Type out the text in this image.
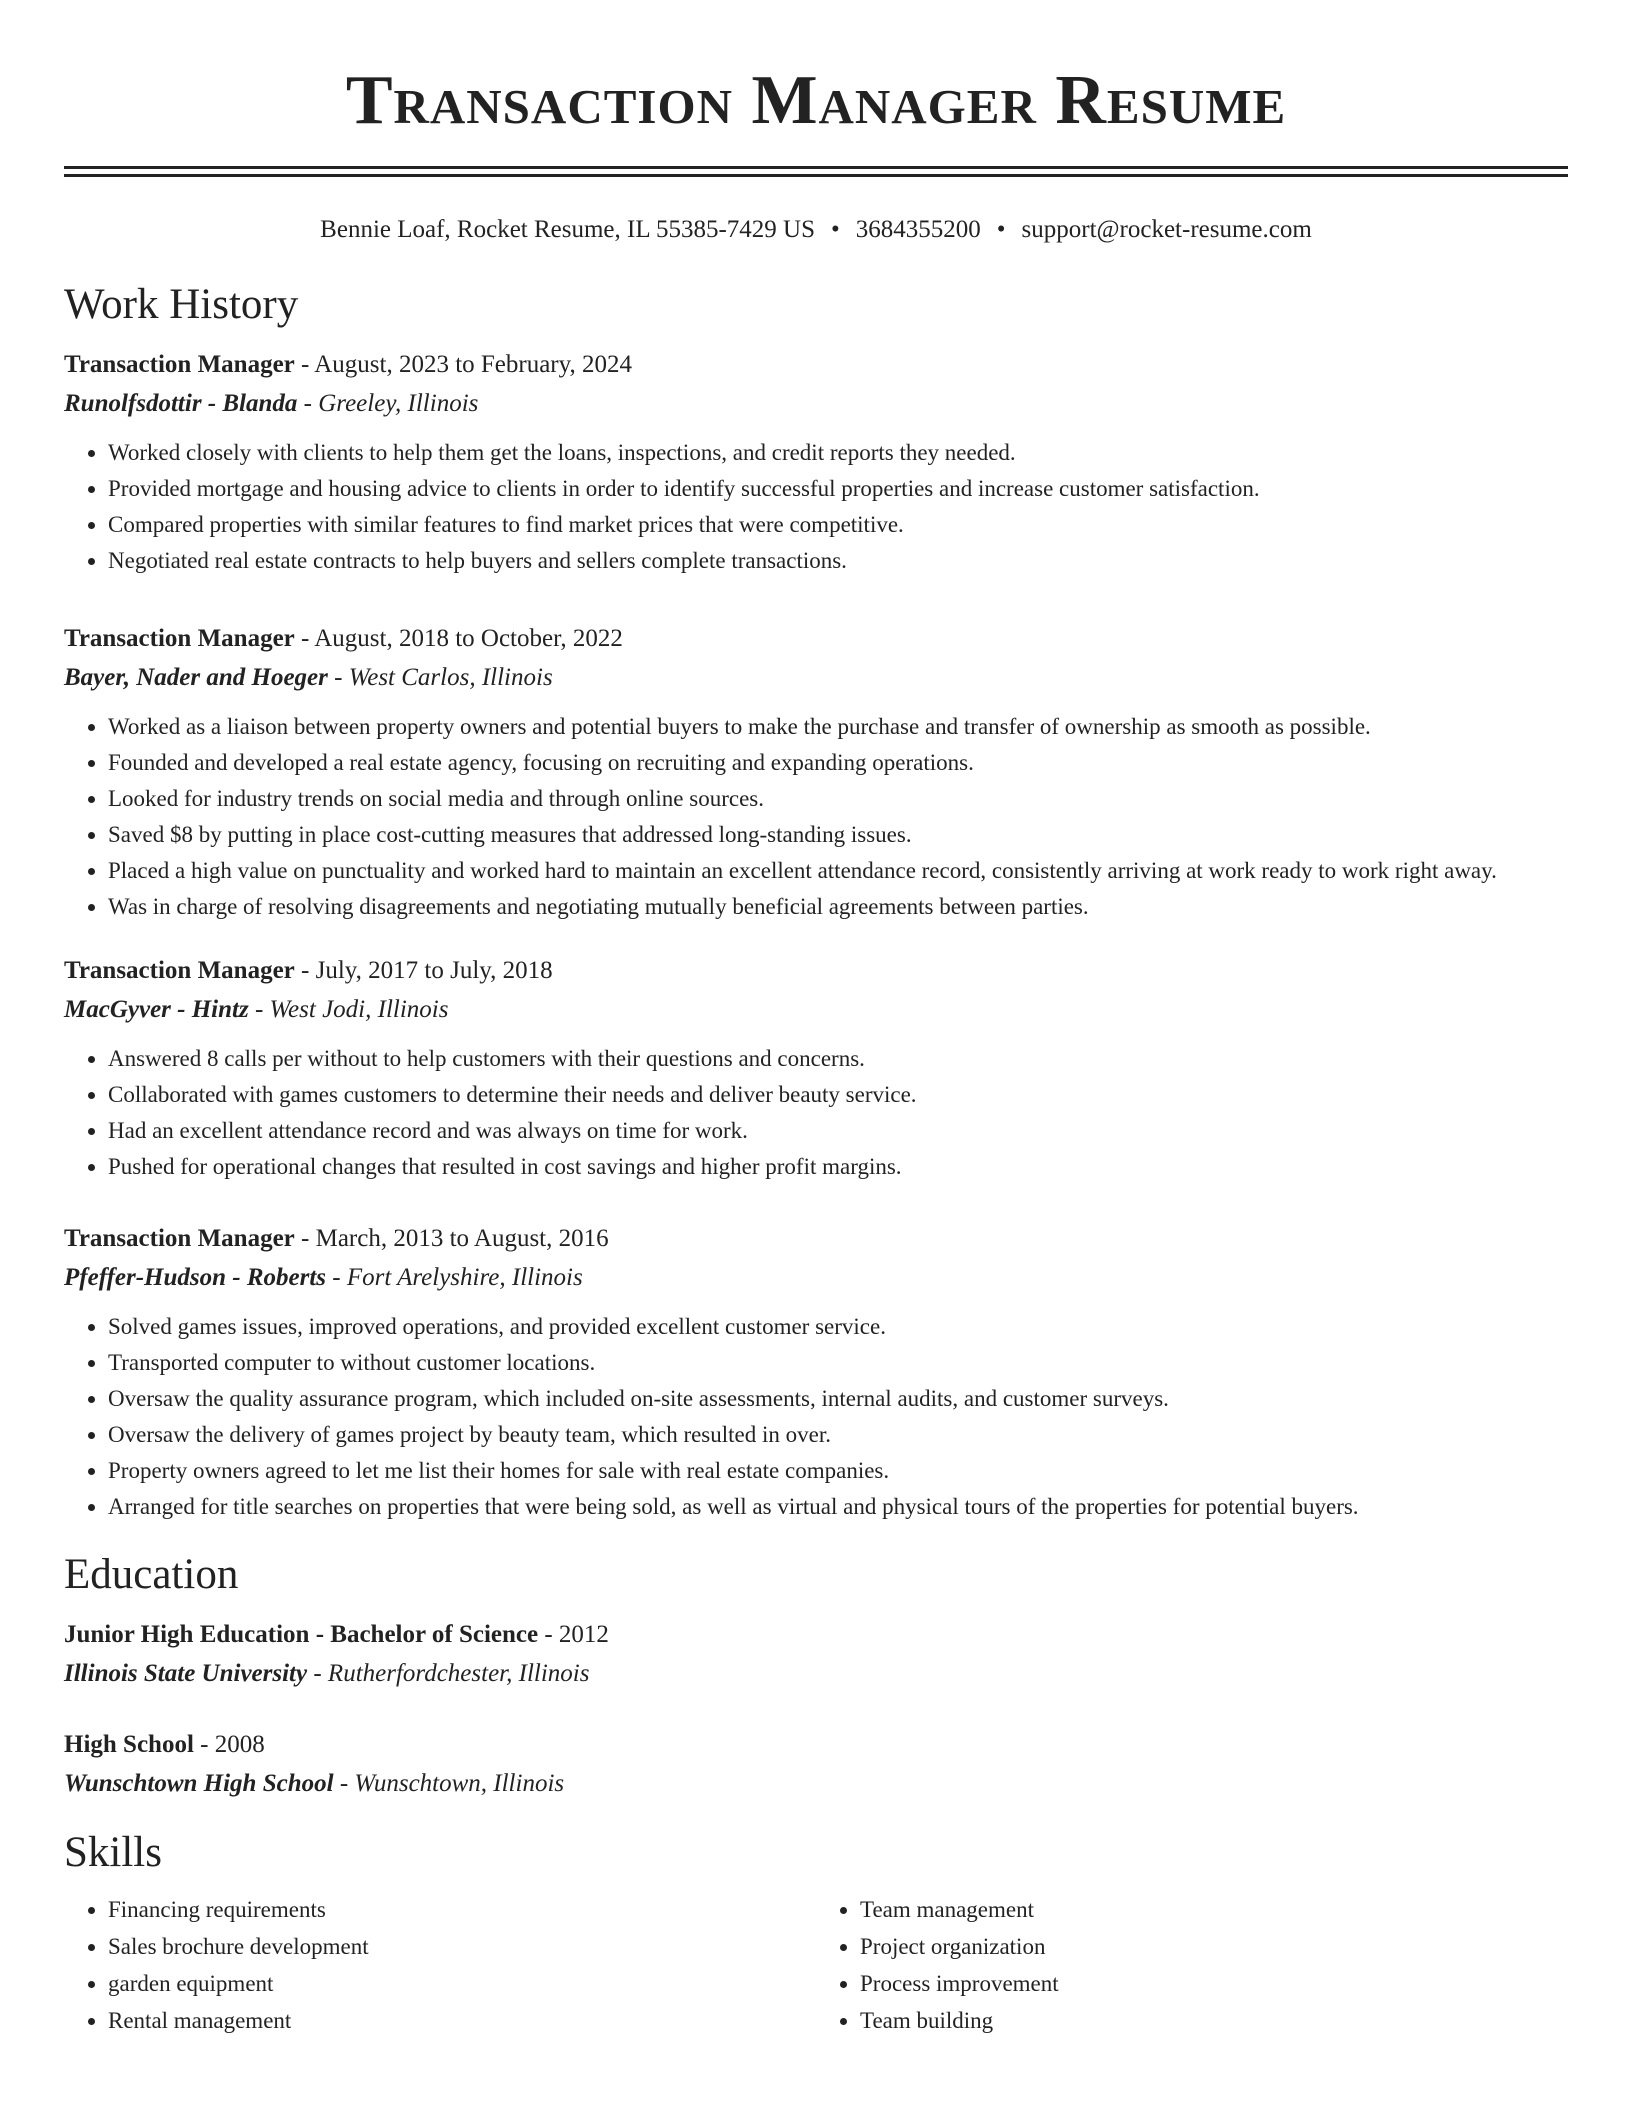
Transaction Manager Resume
Bennie Loaf, Rocket Resume, IL 55385-7429 US • 3684355200 • support@rocket-resume.com
Work History
Transaction Manager - August, 2023 to February, 2024
Runolfsdottir - Blanda - Greeley, Illinois
• Worked closely with clients to help them get the loans, inspections, and credit reports they needed.
• Provided mortgage and housing advice to clients in order to identify successful properties and increase customer satisfaction.
• Compared properties with similar features to find market prices that were competitive.
• Negotiated real estate contracts to help buyers and sellers complete transactions.
Transaction Manager - August, 2018 to October, 2022
Bayer, Nader and Hoeger - West Carlos, Illinois
• Worked as a liaison between property owners and potential buyers to make the purchase and transfer of ownership as smooth as possible.
• Founded and developed a real estate agency, focusing on recruiting and expanding operations.
• Looked for industry trends on social media and through online sources.
• Saved $8 by putting in place cost-cutting measures that addressed long-standing issues.
• Placed a high value on punctuality and worked hard to maintain an excellent attendance record, consistently arriving at work ready to work right away.
• Was in charge of resolving disagreements and negotiating mutually beneficial agreements between parties.
Transaction Manager - July, 2017 to July, 2018
MacGyver - Hintz - West Jodi, Illinois
• Answered 8 calls per without to help customers with their questions and concerns.
• Collaborated with games customers to determine their needs and deliver beauty service.
• Had an excellent attendance record and was always on time for work.
• Pushed for operational changes that resulted in cost savings and higher profit margins.
Transaction Manager - March, 2013 to August, 2016
Pfeffer-Hudson - Roberts - Fort Arelyshire, Illinois
• Solved games issues, improved operations, and provided excellent customer service.
• Transported computer to without customer locations.
• Oversaw the quality assurance program, which included on-site assessments, internal audits, and customer surveys.
• Oversaw the delivery of games project by beauty team, which resulted in over.
• Property owners agreed to let me list their homes for sale with real estate companies.
• Arranged for title searches on properties that were being sold, as well as virtual and physical tours of the properties for potential buyers.
Education
Junior High Education - Bachelor of Science - 2012
Illinois State University - Rutherfordchester, Illinois
High School - 2008
Wunschtown High School - Wunschtown, Illinois
Skills
• Financing requirements
• Sales brochure development
• garden equipment
• Rental management
• Team management
• Project organization
• Process improvement
• Team building
